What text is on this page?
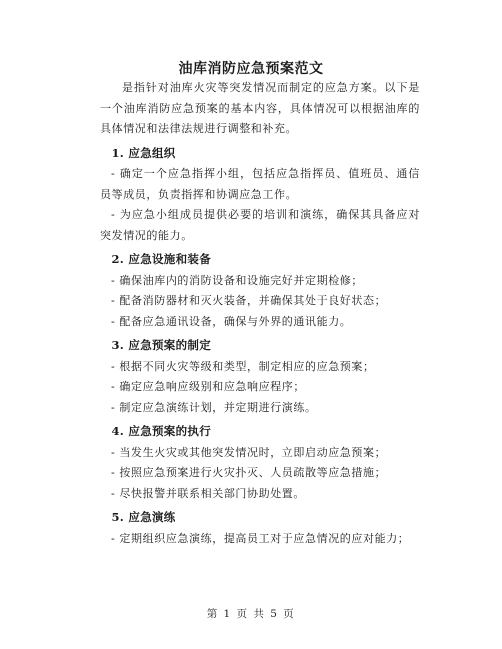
油库消防应急预案范文

是指针对油库火灾等突发情况而制定的应急方案。以下是一个油库消防应急预案的基本内容，具体情况可以根据油库的具体情况和法律法规进行调整和补充。

1. 应急组织

- 确定一个应急指挥小组，包括应急指挥员、值班员、通信员等成员，负责指挥和协调应急工作。

- 为应急小组成员提供必要的培训和演练，确保其具备应对突发情况的能力。

2. 应急设施和装备

- 确保油库内的消防设备和设施完好并定期检修；

- 配备消防器材和灭火装备，并确保其处于良好状态；

- 配备应急通讯设备，确保与外界的通讯能力。

3. 应急预案的制定

- 根据不同火灾等级和类型，制定相应的应急预案；

- 确定应急响应级别和应急响应程序；

- 制定应急演练计划，并定期进行演练。

4. 应急预案的执行

- 当发生火灾或其他突发情况时，立即启动应急预案；

- 按照应急预案进行火灾扑灭、人员疏散等应急措施；

- 尽快报警并联系相关部门协助处置。

5. 应急演练

- 定期组织应急演练，提高员工对于应急情况的应对能力；

第 1 页 共 5 页
